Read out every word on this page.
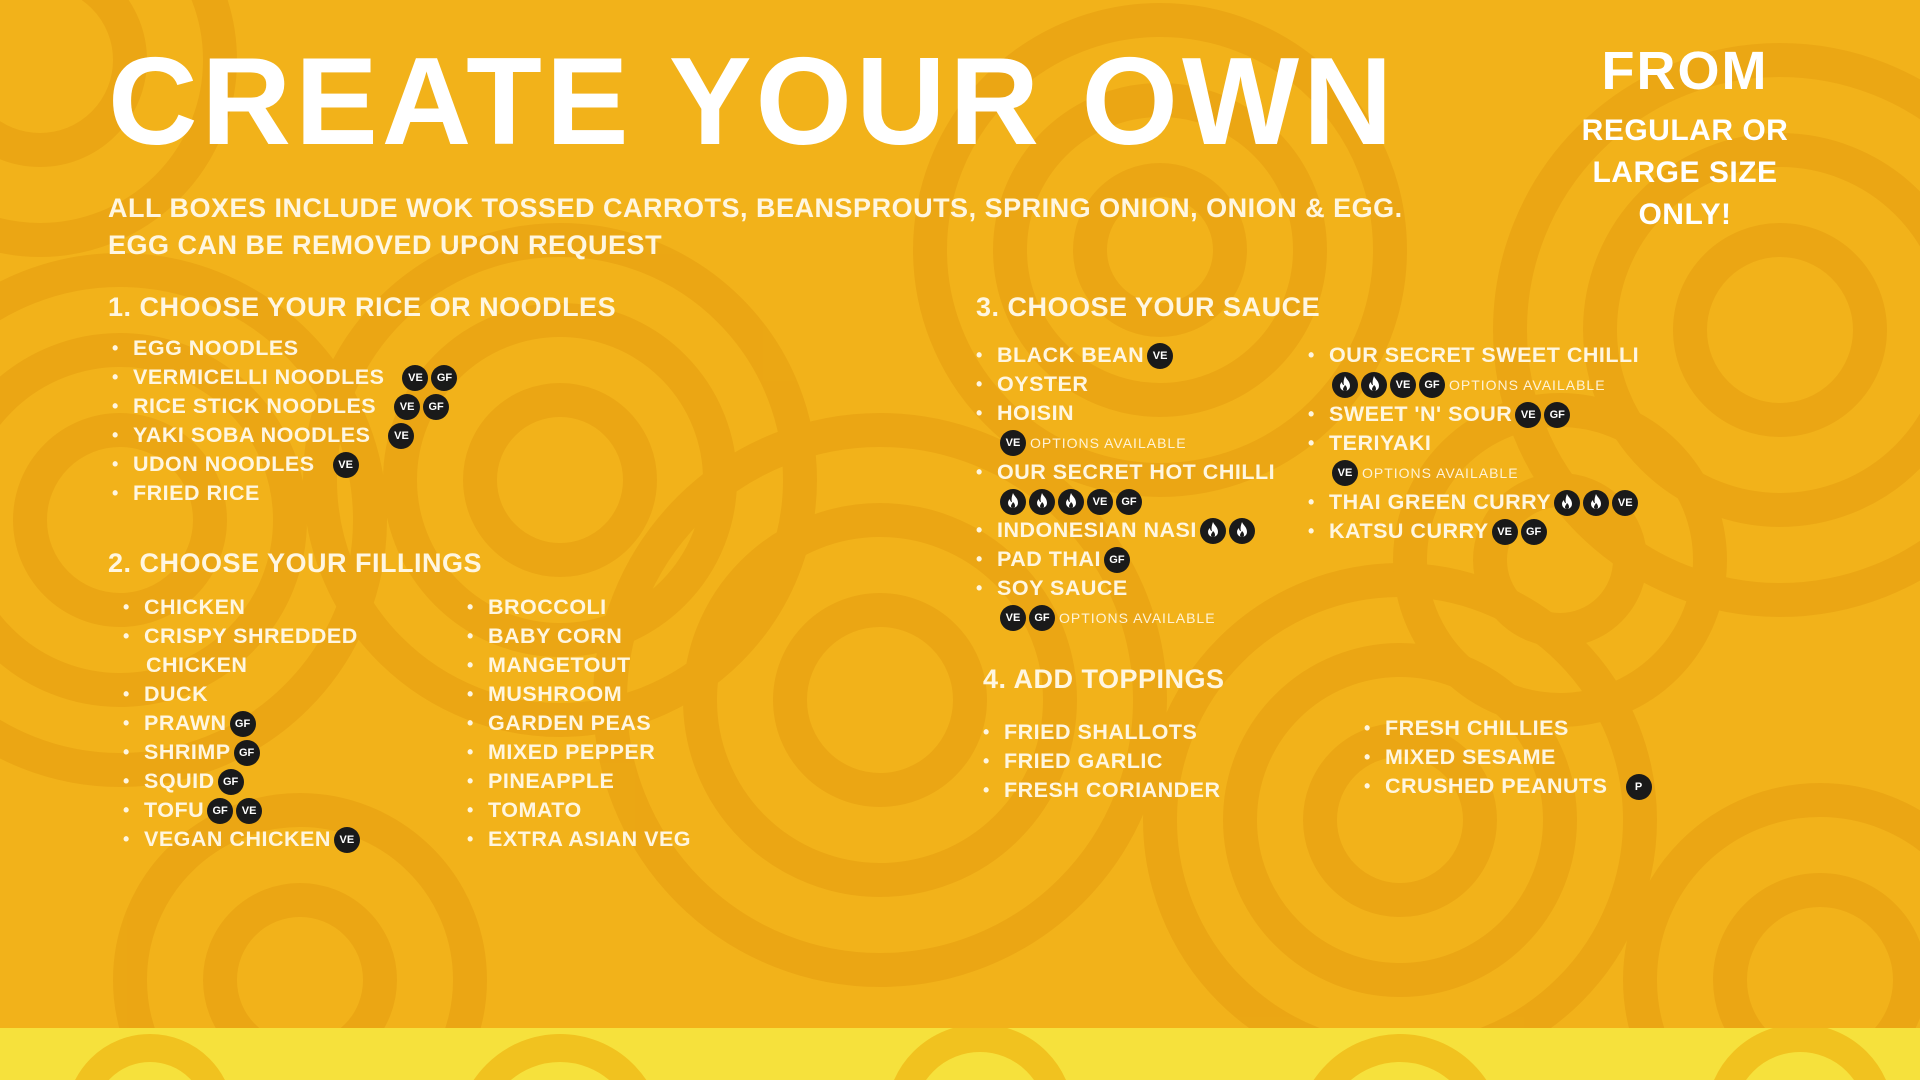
CREATE YOUR OWN
ALL BOXES INCLUDE WOK TOSSED CARROTS, BEANSPROUTS, SPRING ONION, ONION & EGG.
EGG CAN BE REMOVED UPON REQUEST
FROM
REGULAR OR
LARGE SIZE
ONLY!
1. CHOOSE YOUR RICE OR NOODLES
• EGG NOODLES
• VERMICELLI NOODLES VE GF
• RICE STICK NOODLES VE GF
• YAKI SOBA NOODLES VE
• UDON NOODLES VE
• FRIED RICE
2. CHOOSE YOUR FILLINGS
• CHICKEN
• CRISPY SHREDDED
CHICKEN
• DUCK
• PRAWN GF
• SHRIMP GF
• SQUID GF
• TOFU GF VE
• VEGAN CHICKEN VE
• BROCCOLI
• BABY CORN
• MANGETOUT
• MUSHROOM
• GARDEN PEAS
• MIXED PEPPER
• PINEAPPLE
• TOMATO
• EXTRA ASIAN VEG
3. CHOOSE YOUR SAUCE
• BLACK BEAN VE
• OYSTER
• HOISIN
VE OPTIONS AVAILABLE
• OUR SECRET HOT CHILLI
VE GF
• INDONESIAN NASI
• PAD THAI GF
• SOY SAUCE
VE GF OPTIONS AVAILABLE
• OUR SECRET SWEET CHILLI
VE GF OPTIONS AVAILABLE
• SWEET 'N' SOUR VE GF
• TERIYAKI
VE OPTIONS AVAILABLE
• THAI GREEN CURRY	VE
• KATSU CURRY VE GF
4. ADD TOPPINGS
• FRIED SHALLOTS
• FRIED GARLIC
• FRESH CORIANDER
• FRESH CHILLIES
• MIXED SESAME
• CRUSHED PEANUTS P
